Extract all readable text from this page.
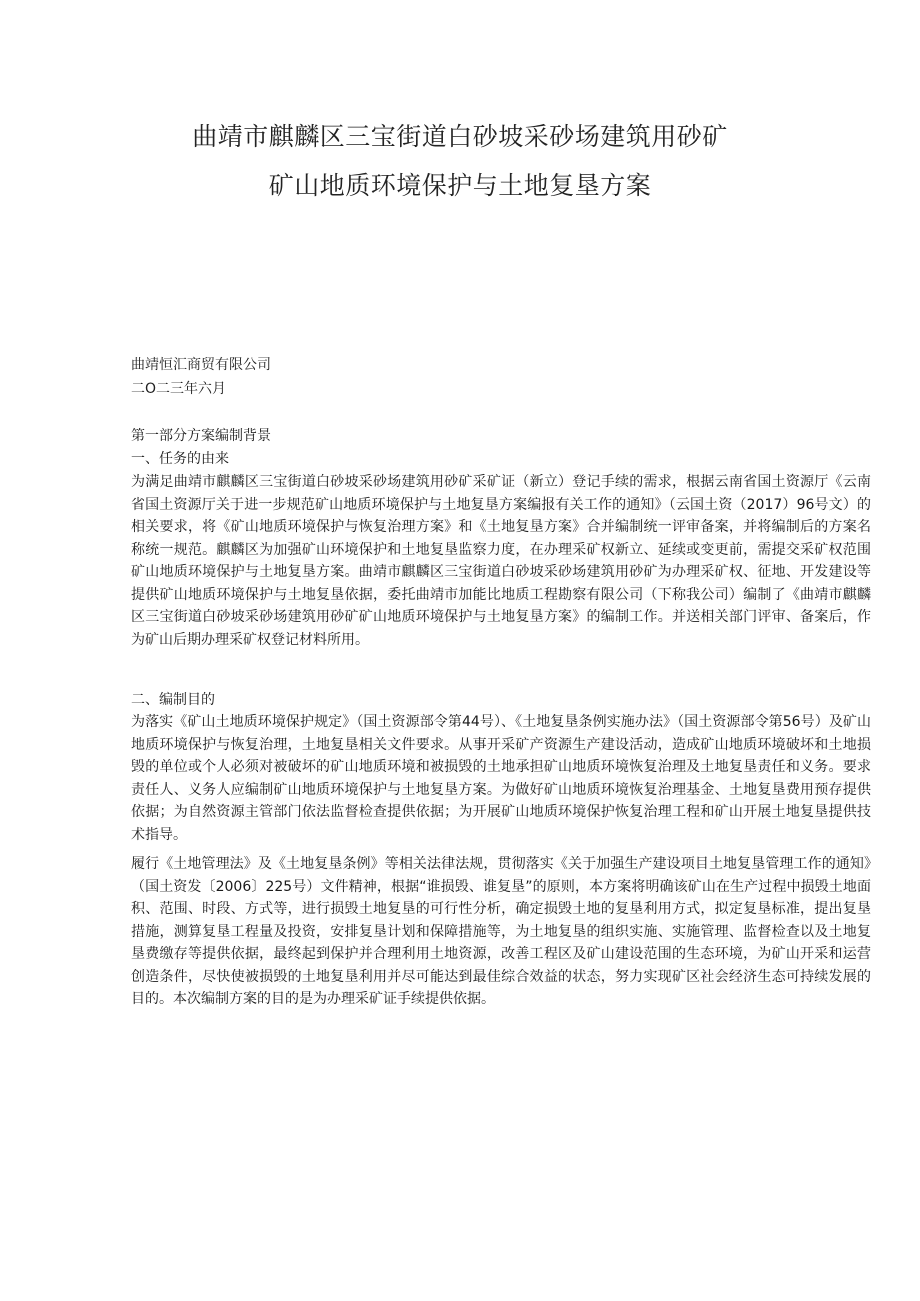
曲靖市麒麟区三宝街道白砂坡采砂场建筑用砂矿
矿山地质环境保护与土地复垦方案
曲靖恒汇商贸有限公司
二O二三年六月
第一部分方案编制背景
一、任务的由来

为满足曲靖市麒麟区三宝街道白砂坡采砂场建筑用砂矿采矿证（新立）登记手续的需求，根据云南省国土资源厅《云南省国土资源厅关于进一步规范矿山地质环境保护与土地复垦方案编报有关工作的通知》（云国土资（2017）96号文）的相关要求，将《矿山地质环境保护与恢复治理方案》和《土地复垦方案》合并编制统一评审备案，并将编制后的方案名称统一规范。麒麟区为加强矿山环境保护和土地复垦监察力度，在办理采矿权新立、延续或变更前，需提交采矿权范围矿山地质环境保护与土地复垦方案。曲靖市麒麟区三宝街道白砂坡采砂场建筑用砂矿为办理采矿权、征地、开发建设等提供矿山地质环境保护与土地复垦依据，委托曲靖市加能比地质工程勘察有限公司（下称我公司）编制了《曲靖市麒麟区三宝街道白砂坡采砂场建筑用砂矿矿山地质环境保护与土地复垦方案》的编制工作。并送相关部门评审、备案后，作为矿山后期办理采矿权登记材料所用。

二、编制目的

为落实《矿山土地质环境保护规定》（国土资源部令第44号）、《土地复垦条例实施办法》（国土资源部令第56号）及矿山地质环境保护与恢复治理，土地复垦相关文件要求。从事开采矿产资源生产建设活动，造成矿山地质环境破坏和土地损毁的单位或个人必须对被破坏的矿山地质环境和被损毁的土地承担矿山地质环境恢复治理及土地复垦责任和义务。要求责任人、义务人应编制矿山地质环境保护与土地复垦方案。为做好矿山地质环境恢复治理基金、土地复垦费用预存提供依据；为自然资源主管部门依法监督检查提供依据；为开展矿山地质环境保护恢复治理工程和矿山开展土地复垦提供技术指导。

履行《土地管理法》及《土地复垦条例》等相关法律法规，贯彻落实《关于加强生产建设项目土地复垦管理工作的通知》（国土资发〔2006〕225号）文件精神，根据“谁损毁、谁复垦”的原则，本方案将明确该矿山在生产过程中损毁土地面积、范围、时段、方式等，进行损毁土地复垦的可行性分析，确定损毁土地的复垦利用方式，拟定复垦标准，提出复垦措施，测算复垦工程量及投资，安排复垦计划和保障措施等，为土地复垦的组织实施、实施管理、监督检查以及土地复垦费缴存等提供依据，最终起到保护并合理利用土地资源，改善工程区及矿山建设范围的生态环境，为矿山开采和运营创造条件，尽快使被损毁的土地复垦利用并尽可能达到最佳综合效益的状态，努力实现矿区社会经济生态可持续发展的目的。本次编制方案的目的是为办理采矿证手续提供依据。
